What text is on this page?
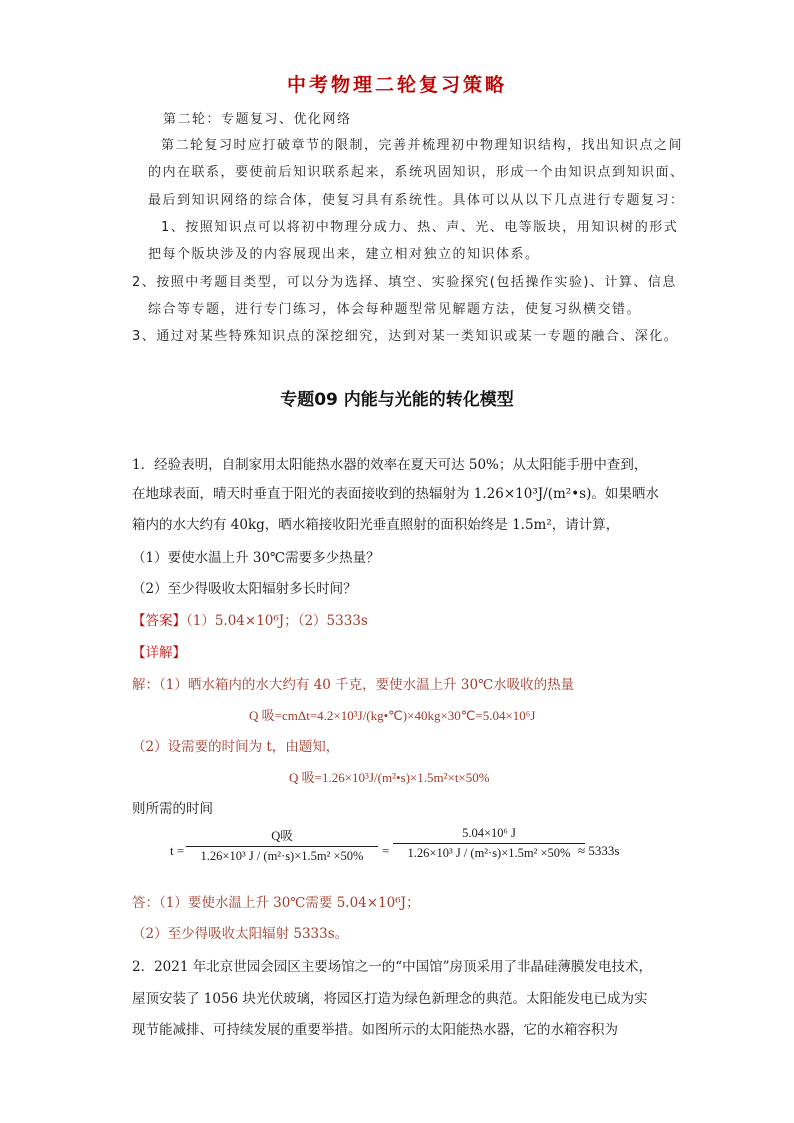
中考物理二轮复习策略
第二轮：专题复习、优化网络
第二轮复习时应打破章节的限制，完善并梳理初中物理知识结构，找出知识点之间
的内在联系，要使前后知识联系起来，系统巩固知识，形成一个由知识点到知识面、
最后到知识网络的综合体，使复习具有系统性。具体可以从以下几点进行专题复习：
1、按照知识点可以将初中物理分成力、热、声、光、电等版块，用知识树的形式
把每个版块涉及的内容展现出来，建立相对独立的知识体系。
2、按照中考题目类型，可以分为选择、填空、实验探究(包括操作实验)、计算、信息
综合等专题，进行专门练习，体会每种题型常见解题方法，使复习纵横交错。
3、通过对某些特殊知识点的深挖细究，达到对某一类知识或某一专题的融合、深化。
专题09 内能与光能的转化模型
1．经验表明，自制家用太阳能热水器的效率在夏天可达 50%；从太阳能手册中查到，
在地球表面，晴天时垂直于阳光的表面接收到的热辐射为 1.26×10³J/(m²•s)。如果晒水
箱内的水大约有 40kg，晒水箱接收阳光垂直照射的面积始终是 1.5m²，请计算，
（1）要使水温上升 30℃需要多少热量？
（2）至少得吸收太阳辐射多长时间？
【答案】（1）5.04×10⁶J；（2）5333s
【详解】
解：（1）晒水箱内的水大约有 40 千克，要使水温上升 30℃水吸收的热量
Q 吸=cmΔt=4.2×10³J/(kg•℃)×40kg×30℃=5.04×10⁶J
（2）设需要的时间为 t，由题知，
Q 吸=1.26×10³J/(m²•s)×1.5m²×t×50%
则所需的时间
t =
Q吸
1.26×10³ J / (m²·s)×1.5m² ×50%	= $\frac{\text{5.04×10⁶ J}}{\text{1.26×10³ J / (m²·s)×1.5m² ×50\%}}$
≈ 5333s
答：（1）要使水温上升 30℃需要 5.04×10⁶J；
（2）至少得吸收太阳辐射 5333s。
2．2021 年北京世园会园区主要场馆之一的“中国馆”房顶采用了非晶硅薄膜发电技术，
屋顶安装了 1056 块光伏玻璃，将园区打造为绿色新理念的典范。太阳能发电已成为实
现节能减排、可持续发展的重要举措。如图所示的太阳能热水器，它的水箱容积为
